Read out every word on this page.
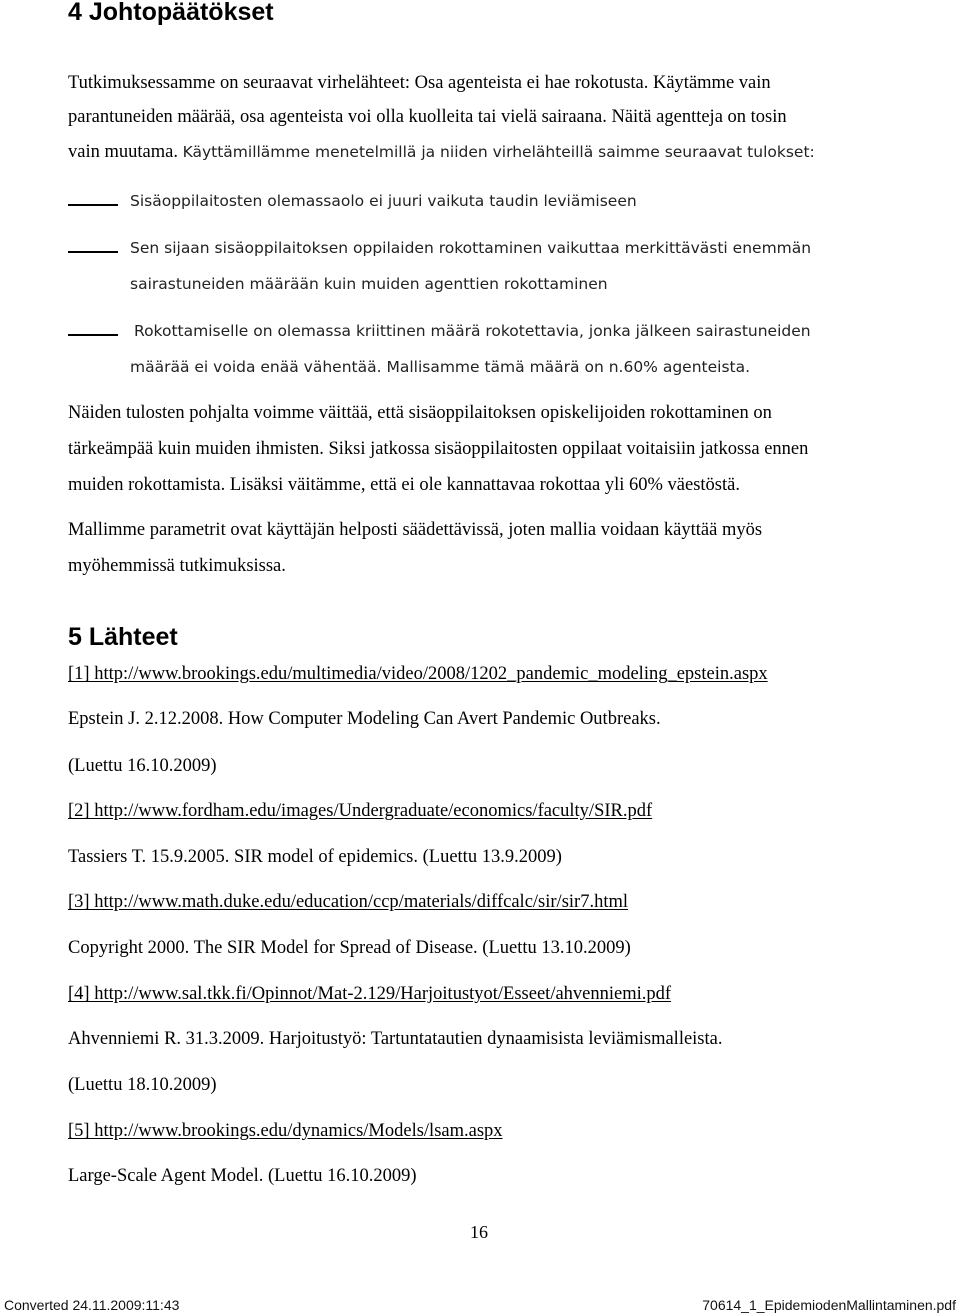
4 Johtopäätökset

Tutkimuksessamme on seuraavat virhelähteet: Osa agenteista ei hae rokotusta. Käytämme vain

parantuneiden määrää, osa agenteista voi olla kuolleita tai vielä sairaana. Näitä agentteja on tosin

vain muutama. Käyttämillämme menetelmillä ja niiden virhelähteillä saimme seuraavat tulokset:

Sisäoppilaitosten olemassaolo ei juuri vaikuta taudin leviämiseen

Sen sijaan sisäoppilaitoksen oppilaiden rokottaminen vaikuttaa merkittävästi enemmän

sairastuneiden määrään kuin muiden agenttien rokottaminen

Rokottamiselle on olemassa kriittinen määrä rokotettavia, jonka jälkeen sairastuneiden

määrää ei voida enää vähentää. Mallisamme tämä määrä on n.60% agenteista.

Näiden tulosten pohjalta voimme väittää, että sisäoppilaitoksen opiskelijoiden rokottaminen on

tärkeämpää kuin muiden ihmisten. Siksi jatkossa sisäoppilaitosten oppilaat voitaisiin jatkossa ennen

muiden rokottamista. Lisäksi väitämme, että ei ole kannattavaa rokottaa yli 60% väestöstä.

Mallimme parametrit ovat käyttäjän helposti säädettävissä, joten mallia voidaan käyttää myös

myöhemmissä tutkimuksissa.

5 Lähteet

[1] http://www.brookings.edu/multimedia/video/2008/1202_pandemic_modeling_epstein.aspx

Epstein J. 2.12.2008. How Computer Modeling Can Avert Pandemic Outbreaks.

(Luettu 16.10.2009)

[2] http://www.fordham.edu/images/Undergraduate/economics/faculty/SIR.pdf

Tassiers T. 15.9.2005. SIR model of epidemics. (Luettu 13.9.2009)

[3] http://www.math.duke.edu/education/ccp/materials/diffcalc/sir/sir7.html

Copyright 2000. The SIR Model for Spread of Disease. (Luettu 13.10.2009)

[4] http://www.sal.tkk.fi/Opinnot/Mat-2.129/Harjoitustyot/Esseet/ahvenniemi.pdf

Ahvenniemi R. 31.3.2009. Harjoitustyö: Tartuntatautien dynaamisista leviämismalleista.

(Luettu 18.10.2009)

[5] http://www.brookings.edu/dynamics/Models/lsam.aspx

Large-Scale Agent Model. (Luettu 16.10.2009)

16
Converted 24.11.2009:11:43	70614_1_EpidemiodenMallintaminen.pdf
